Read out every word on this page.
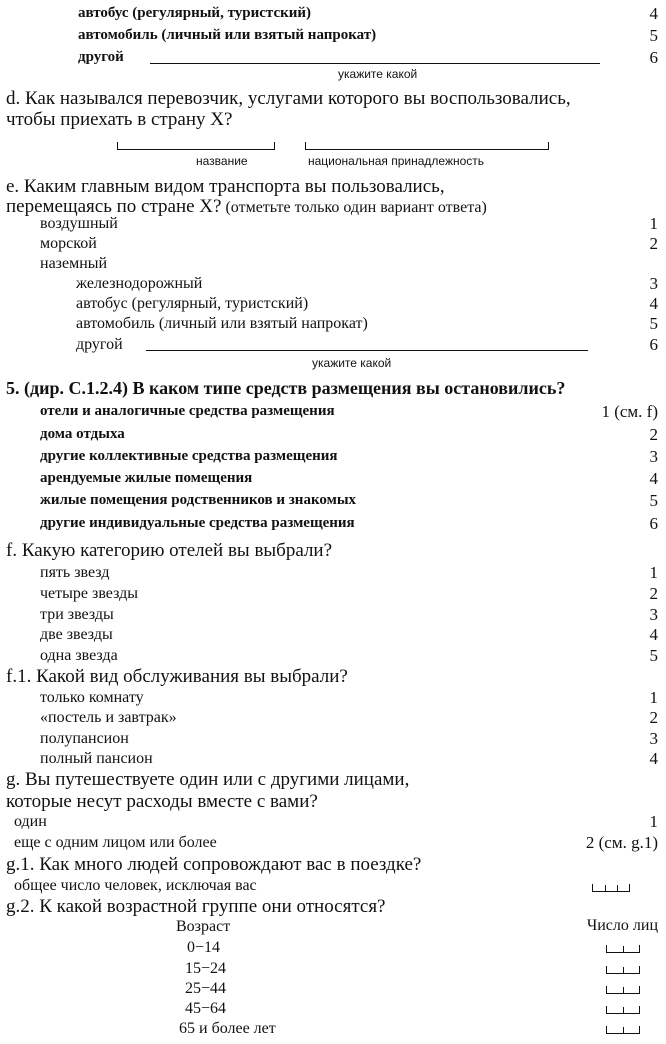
автобус (регулярный, туристский)	4
автомобиль (личный или взятый напрокат)	5
другой	6
укажите какой
d. Как назывался перевозчик, услугами которого вы воспользовались,
чтобы приехать в страну X?
название	национальная принадлежность
e. Каким главным видом транспорта вы пользовались,
перемещаясь по стране X? (отметьте только один вариант ответа)
воздушный	1
морской	2
наземный
железнодорожный	3
автобус (регулярный, туристский)	4
автомобиль (личный или взятый напрокат)	5
другой	6
укажите какой
5. (дир. С.1.2.4) В каком типе средств размещения вы остановились?
отели и аналогичные средства размещения	1 (см. f)
дома отдыха	2
другие коллективные средства размещения	3
арендуемые жилые помещения	4
жилые помещения родственников и знакомых	5
другие индивидуальные средства размещения	6
f. Какую категорию отелей вы выбрали?
пять звезд	1
четыре звезды	2
три звезды	3
две звезды	4
одна звезда	5
f.1. Какой вид обслуживания вы выбрали?
только комнату	1
«постель и завтрак»	2
полупансион	3
полный пансион	4
g. Вы путешествуете один или с другими лицами,
которые несут расходы вместе с вами?
один	1
еще с одним лицом или более	2 (см. g.1)
g.1. Как много людей сопровождают вас в поездке?
общее число человек, исключая вас
g.2. К какой возрастной группе они относятся?
Возраст	Число лиц
0−14
15−24
25−44
45−64
65 и более лет
